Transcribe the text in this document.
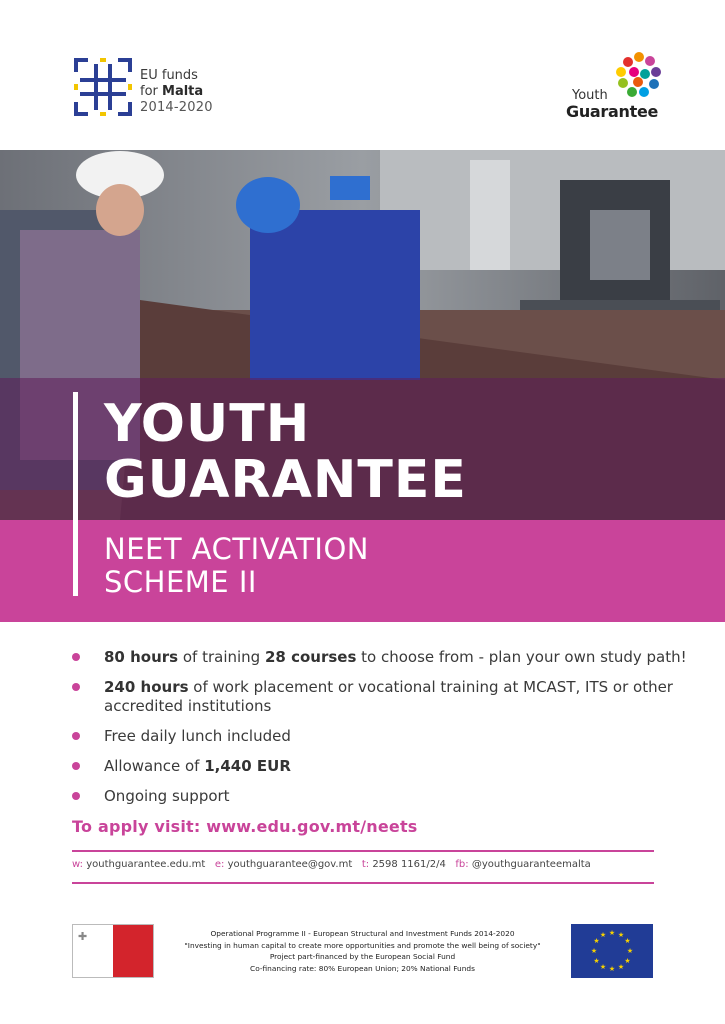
EU funds
for Malta
2014-2020
Youth
Guarantee
YOUTH
GUARANTEE
NEET ACTIVATION
SCHEME II
80 hours of training 28 courses to choose from - plan your own study path!
240 hours of work placement or vocational training at MCAST, ITS or other accredited institutions
Free daily lunch included
Allowance of 1,440 EUR
Ongoing support
To apply visit: www.edu.gov.mt/neets
w: youthguarantee.edu.mt e: youthguarantee@gov.mt t: 2598 1161/2/4 fb: @youthguaranteemalta
✚	Operational Programme II - European Structural and Investment Funds 2014-2020
"Investing in human capital to create more opportunities and promote the well being of society"
Project part-financed by the European Social Fund
Co-financing rate: 80% European Union; 20% National Funds
★ ★
★
★
★
★
★
★
★
★
★
★
